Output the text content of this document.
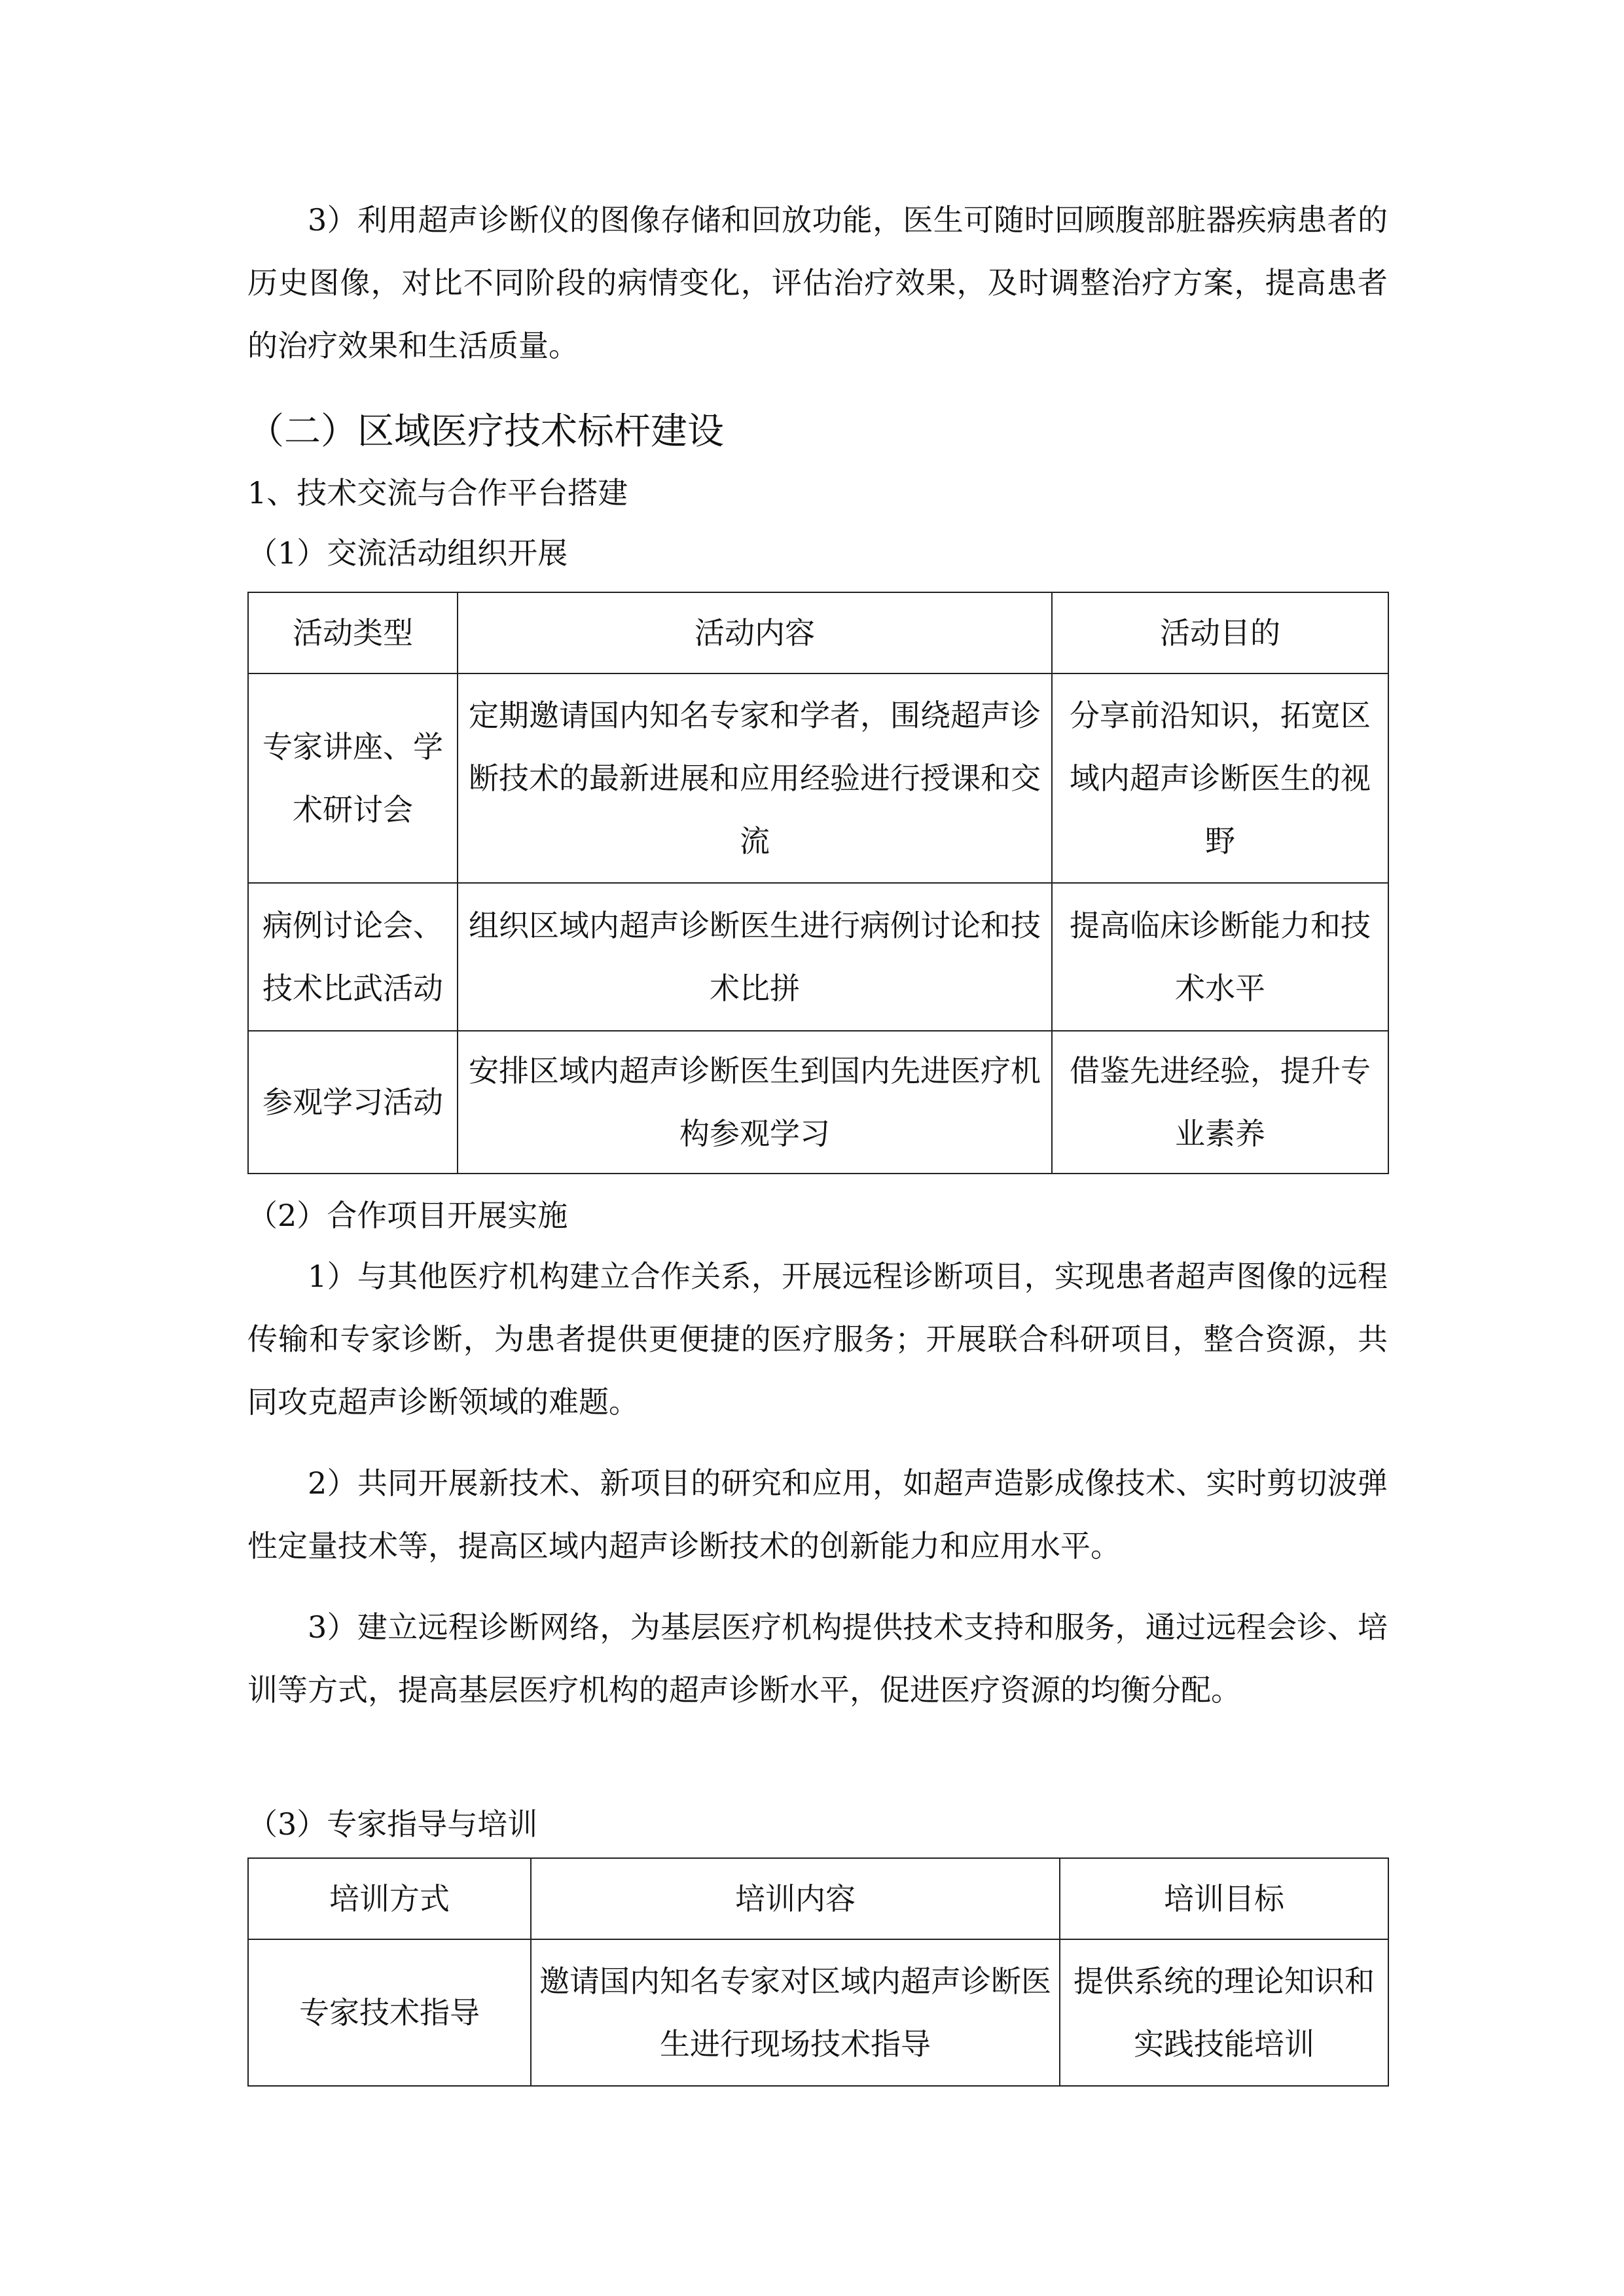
3）利用超声诊断仪的图像存储和回放功能，医生可随时回顾腹部脏器疾病患者的历史图像，对比不同阶段的病情变化，评估治疗效果，及时调整治疗方案，提高患者的治疗效果和生活质量。

（二）区域医疗技术标杆建设
1、技术交流与合作平台搭建
（1）交流活动组织开展
活动类型	活动内容	活动目的
专家讲座、学术研讨会	定期邀请国内知名专家和学者，围绕超声诊断技术的最新进展和应用经验进行授课和交流	分享前沿知识，拓宽区域内超声诊断医生的视野
病例讨论会、技术比武活动	组织区域内超声诊断医生进行病例讨论和技术比拼	提高临床诊断能力和技术水平
参观学习活动	安排区域内超声诊断医生到国内先进医疗机构参观学习	借鉴先进经验，提升专业素养
（2）合作项目开展实施

1）与其他医疗机构建立合作关系，开展远程诊断项目，实现患者超声图像的远程传输和专家诊断，为患者提供更便捷的医疗服务；开展联合科研项目，整合资源，共同攻克超声诊断领域的难题。

2）共同开展新技术、新项目的研究和应用，如超声造影成像技术、实时剪切波弹性定量技术等，提高区域内超声诊断技术的创新能力和应用水平。

3）建立远程诊断网络，为基层医疗机构提供技术支持和服务，通过远程会诊、培训等方式，提高基层医疗机构的超声诊断水平，促进医疗资源的均衡分配。

（3）专家指导与培训
培训方式	培训内容	培训目标
专家技术指导	邀请国内知名专家对区域内超声诊断医生进行现场技术指导	提供系统的理论知识和实践技能培训
